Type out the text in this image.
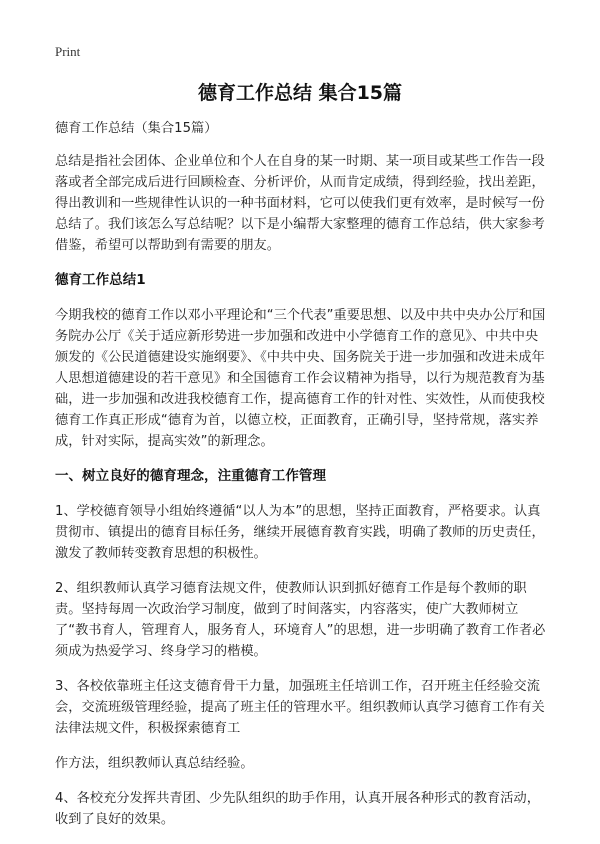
Print
德育工作总结 集合15篇

德育工作总结（集合15篇）

总结是指社会团体、企业单位和个人在自身的某一时期、某一项目或某些工作告一段落或者全部完成后进行回顾检查、分析评价，从而肯定成绩，得到经验，找出差距，得出教训和一些规律性认识的一种书面材料，它可以使我们更有效率，是时候写一份总结了。我们该怎么写总结呢？以下是小编帮大家整理的德育工作总结，供大家参考借鉴，希望可以帮助到有需要的朋友。

德育工作总结1

今期我校的德育工作以邓小平理论和“三个代表”重要思想、以及中共中央办公厅和国务院办公厅《关于适应新形势进一步加强和改进中小学德育工作的意见》、中共中央颁发的《公民道德建设实施纲要》、《中共中央、国务院关于进一步加强和改进未成年人思想道德建设的若干意见》和全国德育工作会议精神为指导，以行为规范教育为基础，进一步加强和改进我校德育工作，提高德育工作的针对性、实效性，从而使我校德育工作真正形成“德育为首，以德立校，正面教育，正确引导，坚持常规，落实养成，针对实际，提高实效”的新理念。

一、树立良好的德育理念，注重德育工作管理

1、学校德育领导小组始终遵循“以人为本”的思想，坚持正面教育，严格要求。认真贯彻市、镇提出的德育目标任务，继续开展德育教育实践，明确了教师的历史责任，激发了教师转变教育思想的积极性。

2、组织教师认真学习德育法规文件，使教师认识到抓好德育工作是每个教师的职责。坚持每周一次政治学习制度，做到了时间落实，内容落实，使广大教师树立了“教书育人，管理育人，服务育人，环境育人”的思想，进一步明确了教育工作者必须成为热爱学习、终身学习的楷模。

3、各校依靠班主任这支德育骨干力量，加强班主任培训工作，召开班主任经验交流会，交流班级管理经验，提高了班主任的管理水平。组织教师认真学习德育工作有关法律法规文件，积极探索德育工

作方法，组织教师认真总结经验。

4、各校充分发挥共青团、少先队组织的助手作用，认真开展各种形式的教育活动，收到了良好的效果。
